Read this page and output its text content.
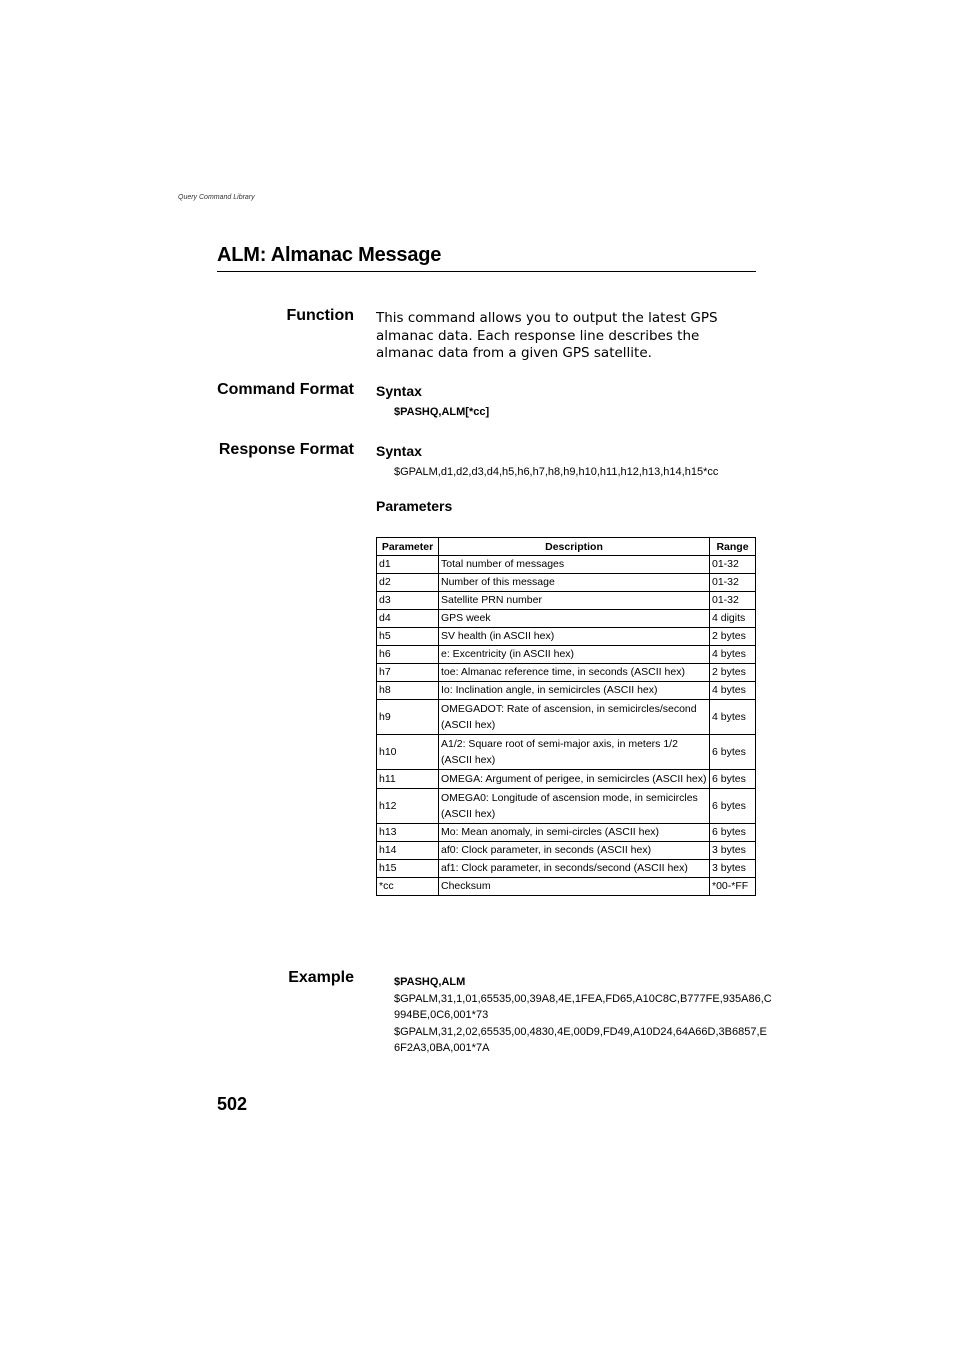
Query Command Library
ALM: Almanac Message
Function This command allows you to output the latest GPS almanac data. Each response line describes the almanac data from a given GPS satellite.
Command Format Syntax
$PASHQ,ALM[*cc]
Response Format Syntax
$GPALM,d1,d2,d3,d4,h5,h6,h7,h8,h9,h10,h11,h12,h13,h14,h15*cc
Parameters
Parameter	Description	Range
d1	Total number of messages	01-32
d2	Number of this message	01-32
d3	Satellite PRN number	01-32
d4	GPS week	4 digits
h5	SV health (in ASCII hex)	2 bytes
h6	e: Excentricity (in ASCII hex)	4 bytes
h7	toe: Almanac reference time, in seconds (ASCII hex)	2 bytes
h8	Io: Inclination angle, in semicircles (ASCII hex)	4 bytes
h9	OMEGADOT: Rate of ascension, in semicircles/second (ASCII hex)	4 bytes
h10	A1/2: Square root of semi-major axis, in meters 1/2 (ASCII hex)	6 bytes
h11	OMEGA: Argument of perigee, in semicircles (ASCII hex)	6 bytes
h12	OMEGA0: Longitude of ascension mode, in semicircles (ASCII hex)	6 bytes
h13	Mo: Mean anomaly, in semi-circles (ASCII hex)	6 bytes
h14	af0: Clock parameter, in seconds (ASCII hex)	3 bytes
h15	af1: Clock parameter, in seconds/second (ASCII hex)	3 bytes
*cc	Checksum	*00-*FF
Example	$PASHQ,ALM
$GPALM,31,1,01,65535,00,39A8,4E,1FEA,FD65,A10C8C,B777FE,935A86,C
994BE,0C6,001*73
$GPALM,31,2,02,65535,00,4830,4E,00D9,FD49,A10D24,64A66D,3B6857,E
6F2A3,0BA,001*7A
502
